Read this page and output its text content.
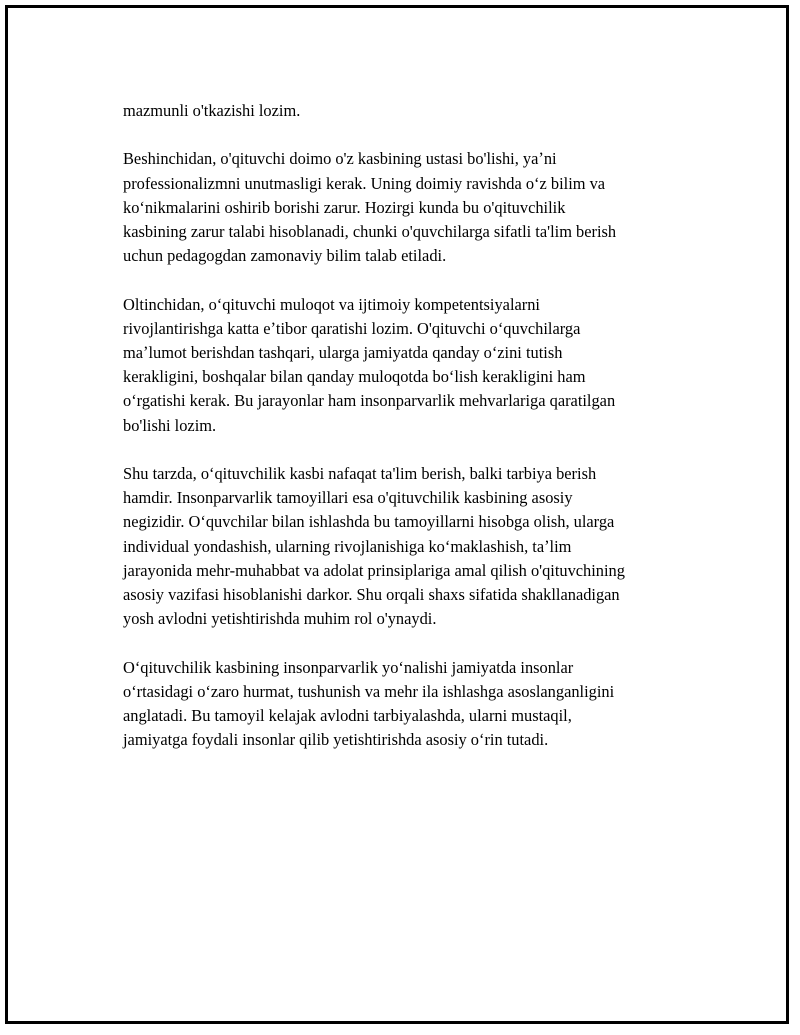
mazmunli o'tkazishi lozim.

Beshinchidan, o'qituvchi doimo o'z kasbining ustasi bo'lishi, yaʼni
professionalizmni unutmasligi kerak. Uning doimiy ravishda oʻz bilim va
koʻnikmalarini oshirib borishi zarur. Hozirgi kunda bu o'qituvchilik
kasbining zarur talabi hisoblanadi, chunki o'quvchilarga sifatli ta'lim berish
uchun pedagogdan zamonaviy bilim talab etiladi.

Oltinchidan, oʻqituvchi muloqot va ijtimoiy kompetentsiyalarni
rivojlantirishga katta eʼtibor qaratishi lozim. O'qituvchi oʻquvchilarga
maʼlumot berishdan tashqari, ularga jamiyatda qanday oʻzini tutish
kerakligini, boshqalar bilan qanday muloqotda boʻlish kerakligini ham
oʻrgatishi kerak. Bu jarayonlar ham insonparvarlik mehvarlariga qaratilgan
bo'lishi lozim.

Shu tarzda, oʻqituvchilik kasbi nafaqat ta'lim berish, balki tarbiya berish
hamdir. Insonparvarlik tamoyillari esa o'qituvchilik kasbining asosiy
negizidir. Oʻquvchilar bilan ishlashda bu tamoyillarni hisobga olish, ularga
individual yondashish, ularning rivojlanishiga koʻmaklashish, taʼlim
jarayonida mehr-muhabbat va adolat prinsiplariga amal qilish o'qituvchining
asosiy vazifasi hisoblanishi darkor. Shu orqali shaxs sifatida shakllanadigan
yosh avlodni yetishtirishda muhim rol o'ynaydi.

Oʻqituvchilik kasbining insonparvarlik yoʻnalishi jamiyatda insonlar
oʻrtasidagi oʻzaro hurmat, tushunish va mehr ila ishlashga asoslanganligini
anglatadi. Bu tamoyil kelajak avlodni tarbiyalashda, ularni mustaqil,
jamiyatga foydali insonlar qilib yetishtirishda asosiy oʻrin tutadi.
